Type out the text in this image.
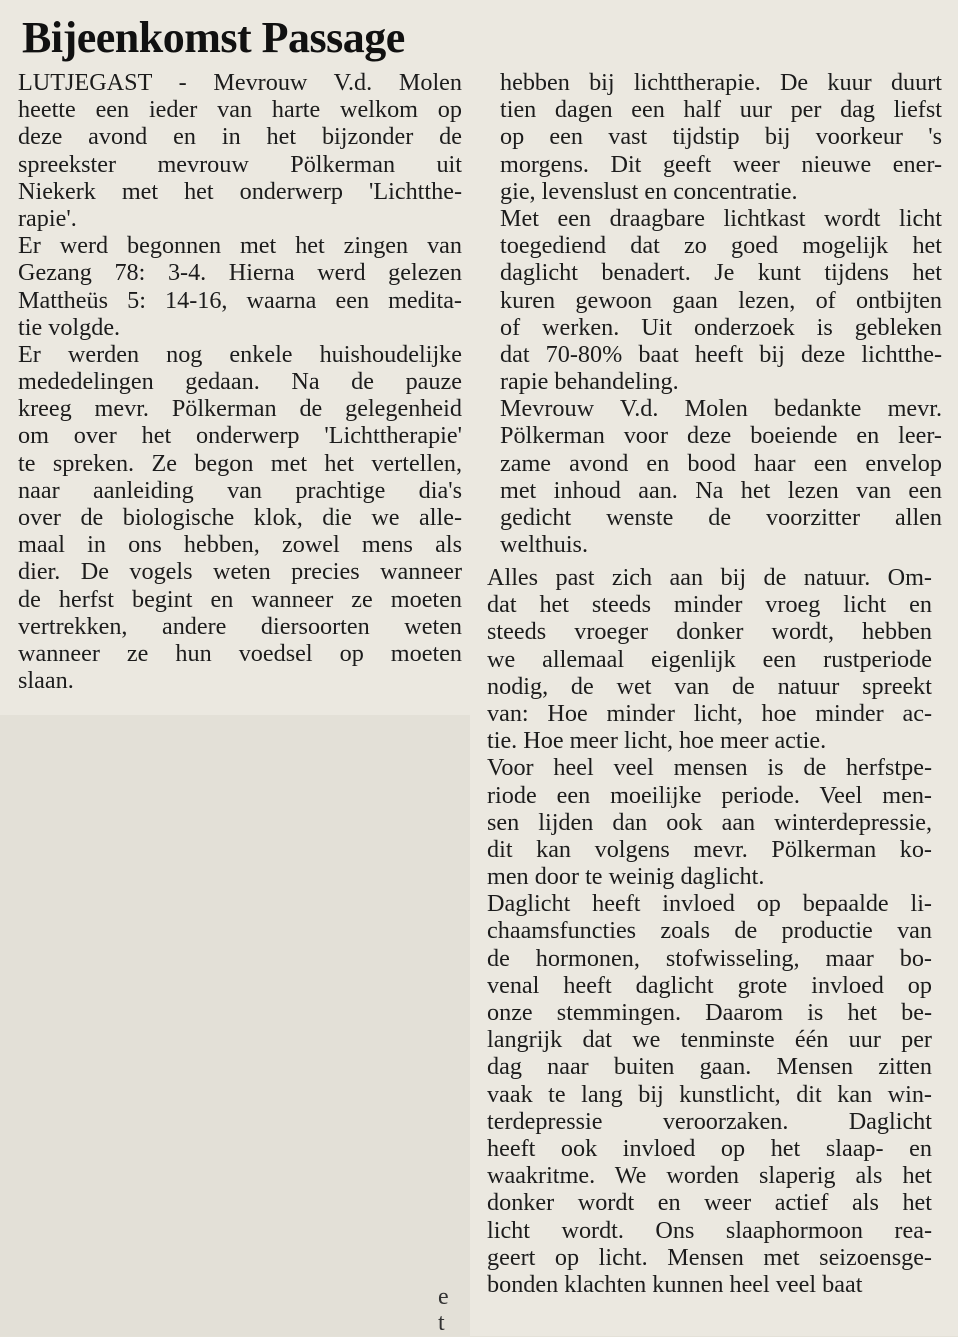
Bijeenkomst Passage
LUTJEGAST - Mevrouw V.d. Molen
heette een ieder van harte welkom op
deze avond en in het bijzonder de
spreekster mevrouw Pölkerman uit
Niekerk met het onderwerp 'Lichtthe-
rapie'.
Er werd begonnen met het zingen van
Gezang 78: 3-4. Hierna werd gelezen
Mattheüs 5: 14-16, waarna een medita-
tie volgde.
Er werden nog enkele huishoudelijke
mededelingen gedaan. Na de pauze
kreeg mevr. Pölkerman de gelegenheid
om over het onderwerp 'Lichttherapie'
te spreken. Ze begon met het vertellen,
naar aanleiding van prachtige dia's
over de biologische klok, die we alle-
maal in ons hebben, zowel mens als
dier. De vogels weten precies wanneer
de herfst begint en wanneer ze moeten
vertrekken, andere diersoorten weten
wanneer ze hun voedsel op moeten
slaan.
hebben bij lichttherapie. De kuur duurt
tien dagen een half uur per dag liefst
op een vast tijdstip bij voorkeur 's
morgens. Dit geeft weer nieuwe ener-
gie, levenslust en concentratie.
Met een draagbare lichtkast wordt licht
toegediend dat zo goed mogelijk het
daglicht benadert. Je kunt tijdens het
kuren gewoon gaan lezen, of ontbijten
of werken. Uit onderzoek is gebleken
dat 70-80% baat heeft bij deze lichtthe-
rapie behandeling.
Mevrouw V.d. Molen bedankte mevr.
Pölkerman voor deze boeiende en leer-
zame avond en bood haar een envelop
met inhoud aan. Na het lezen van een
gedicht wenste de voorzitter allen
welthuis.
Alles past zich aan bij de natuur. Om-
dat het steeds minder vroeg licht en
steeds vroeger donker wordt, hebben
we allemaal eigenlijk een rustperiode
nodig, de wet van de natuur spreekt
van: Hoe minder licht, hoe minder ac-
tie. Hoe meer licht, hoe meer actie.
Voor heel veel mensen is de herfstpe-
riode een moeilijke periode. Veel men-
sen lijden dan ook aan winterdepressie,
dit kan volgens mevr. Pölkerman ko-
men door te weinig daglicht.
Daglicht heeft invloed op bepaalde li-
chaamsfuncties zoals de productie van
de hormonen, stofwisseling, maar bo-
venal heeft daglicht grote invloed op
onze stemmingen. Daarom is het be-
langrijk dat we tenminste één uur per
dag naar buiten gaan. Mensen zitten
vaak te lang bij kunstlicht, dit kan win-
terdepressie veroorzaken. Daglicht
heeft ook invloed op het slaap- en
waakritme. We worden slaperig als het
donker wordt en weer actief als het
licht wordt. Ons slaaphormoon rea-
geert op licht. Mensen met seizoensge-
bonden klachten kunnen heel veel baat
e
t
